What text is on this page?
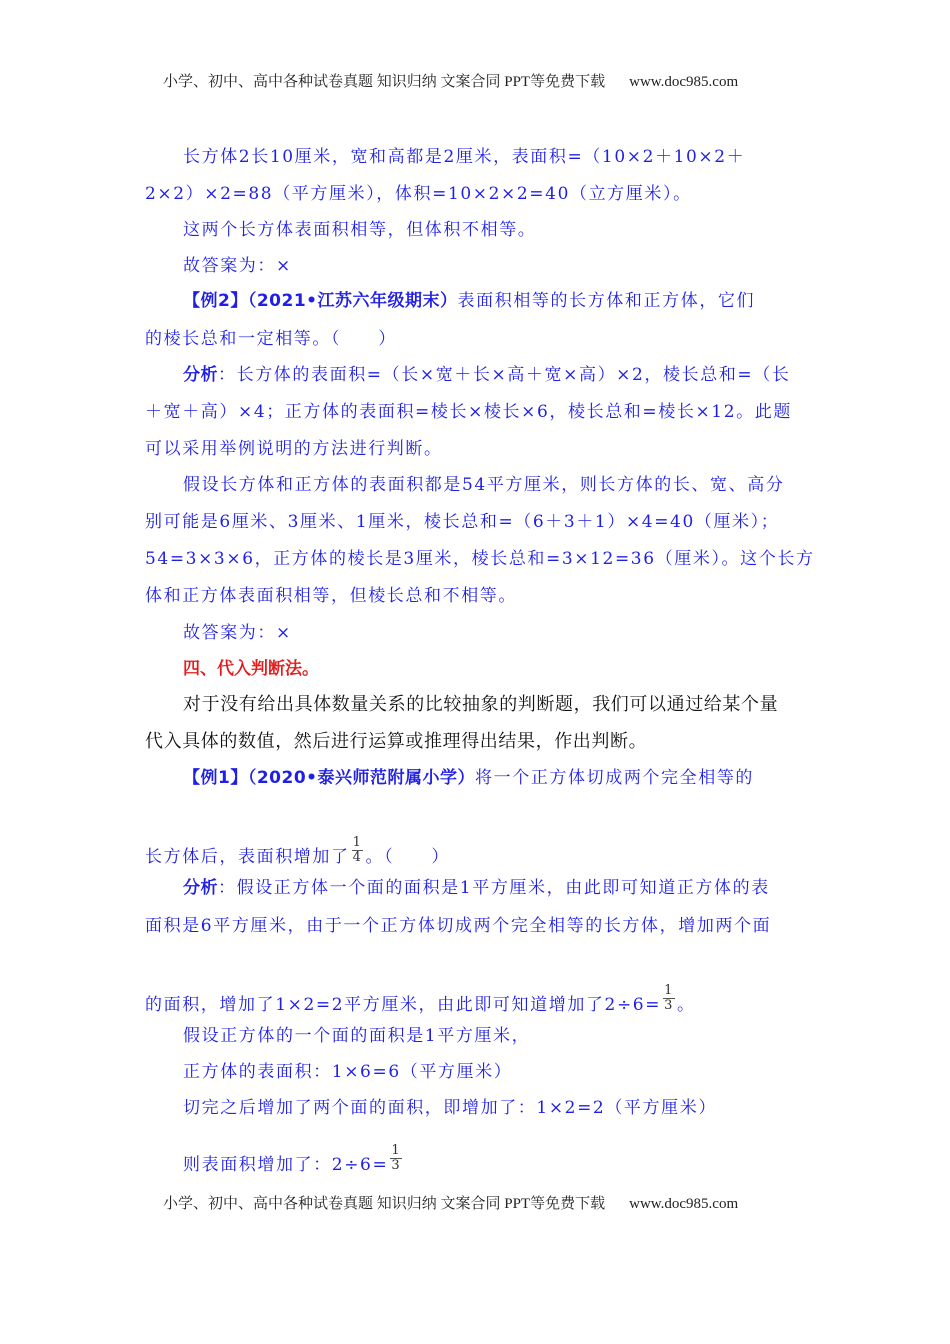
小学、初中、高中各种试卷真题 知识归纳 文案合同 PPT等免费下载 www.doc985.com
长方体2长10厘米，宽和高都是2厘米，表面积=（10×2＋10×2＋
2×2）×2=88（平方厘米），体积=10×2×2=40（立方厘米）。
这两个长方体表面积相等，但体积不相等。
故答案为：×
【例2】（2021•江苏六年级期末）表面积相等的长方体和正方体，它们
的棱长总和一定相等。（　　）
分析：长方体的表面积=（长×宽＋长×高＋宽×高）×2，棱长总和=（长
＋宽＋高）×4；正方体的表面积=棱长×棱长×6，棱长总和=棱长×12。此题
可以采用举例说明的方法进行判断。
假设长方体和正方体的表面积都是54平方厘米，则长方体的长、宽、高分
别可能是6厘米、3厘米、1厘米，棱长总和=（6＋3＋1）×4=40（厘米）；
54=3×3×6，正方体的棱长是3厘米，棱长总和=3×12=36（厘米）。这个长方
体和正方体表面积相等，但棱长总和不相等。
故答案为：×
四、代入判断法。
对于没有给出具体数量关系的比较抽象的判断题，我们可以通过给某个量
代入具体的数值，然后进行运算或推理得出结果，作出判断。
【例1】（2020•泰兴师范附属小学）将一个正方体切成两个完全相等的
长方体后，表面积增加了 $\frac{1}{4}$ 。（　　）
分析：假设正方体一个面的面积是1平方厘米，由此即可知道正方体的表
面积是6平方厘米，由于一个正方体切成两个完全相等的长方体，增加两个面
的面积，增加了1×2=2平方厘米，由此即可知道增加了$2\div 6= \frac{1}{3}$ 。
假设正方体的一个面的面积是1平方厘米，
正方体的表面积：1×6=6（平方厘米）
切完之后增加了两个面的面积，即增加了：1×2=2（平方厘米）
则表面积增加了：$2\div 6= \frac{1}{3}$
小学、初中、高中各种试卷真题 知识归纳 文案合同 PPT等免费下载 www.doc985.com
